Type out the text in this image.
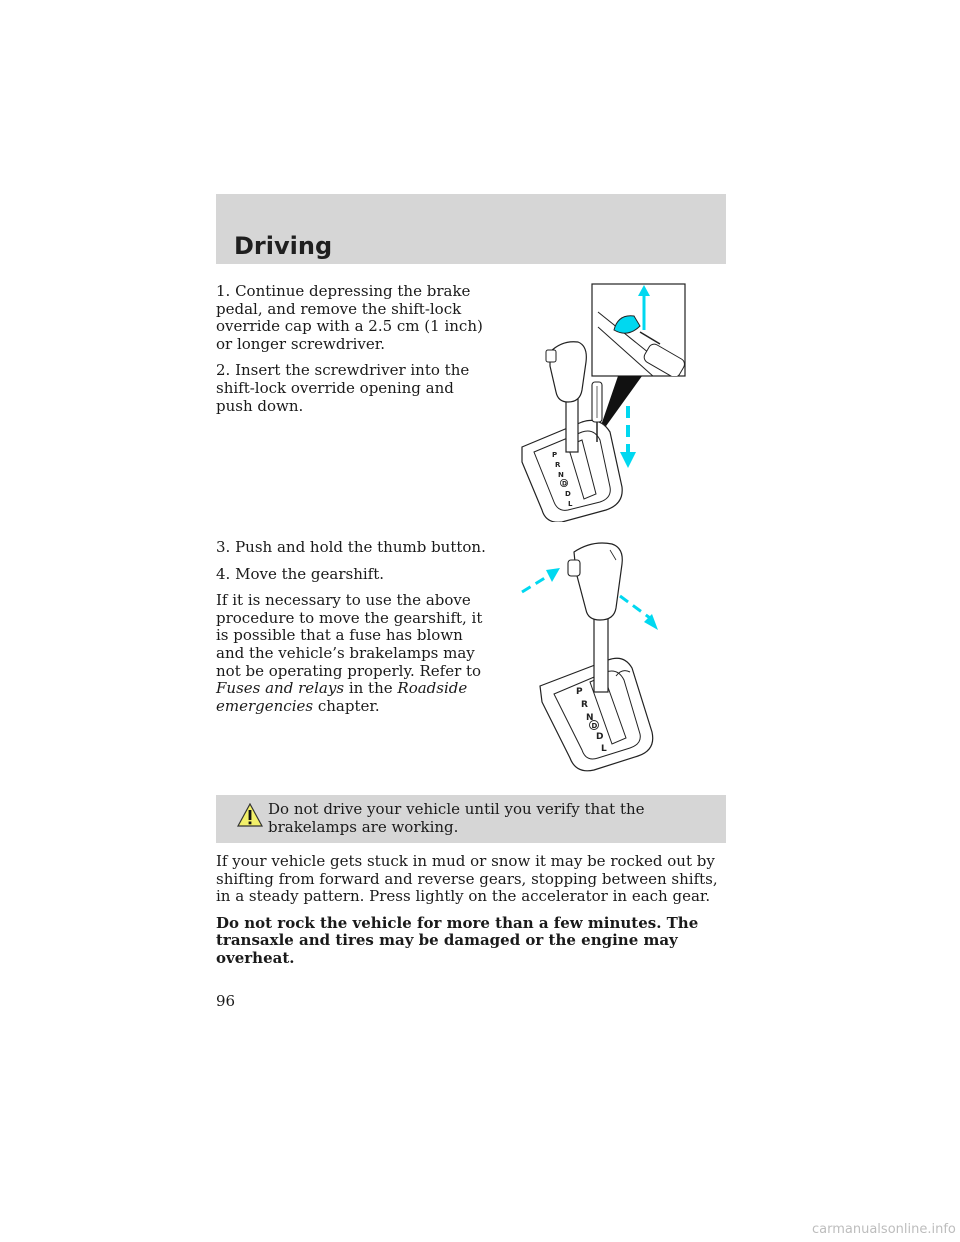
Driving

1. Continue depressing the brake pedal, and remove the shift-lock override cap with a 2.5 cm (1 inch) or longer screwdriver.

2. Insert the screwdriver into the shift-lock override opening and push down.

3. Push and hold the thumb button.

4. Move the gearshift.

If it is necessary to use the above procedure to move the gearshift, it is possible that a fuse has blown and the vehicle’s brakelamps may not be operating properly. Refer to Fuses and relays in the Roadside emergencies chapter.

P
R
N
D
D
L
P
R
N
D
D
L
Do not drive your vehicle until you verify that the brakelamps are working.

If your vehicle gets stuck in mud or snow it may be rocked out by shifting from forward and reverse gears, stopping between shifts, in a steady pattern. Press lightly on the accelerator in each gear.

Do not rock the vehicle for more than a few minutes. The transaxle and tires may be damaged or the engine may overheat.

96
carmanualsonline.info
